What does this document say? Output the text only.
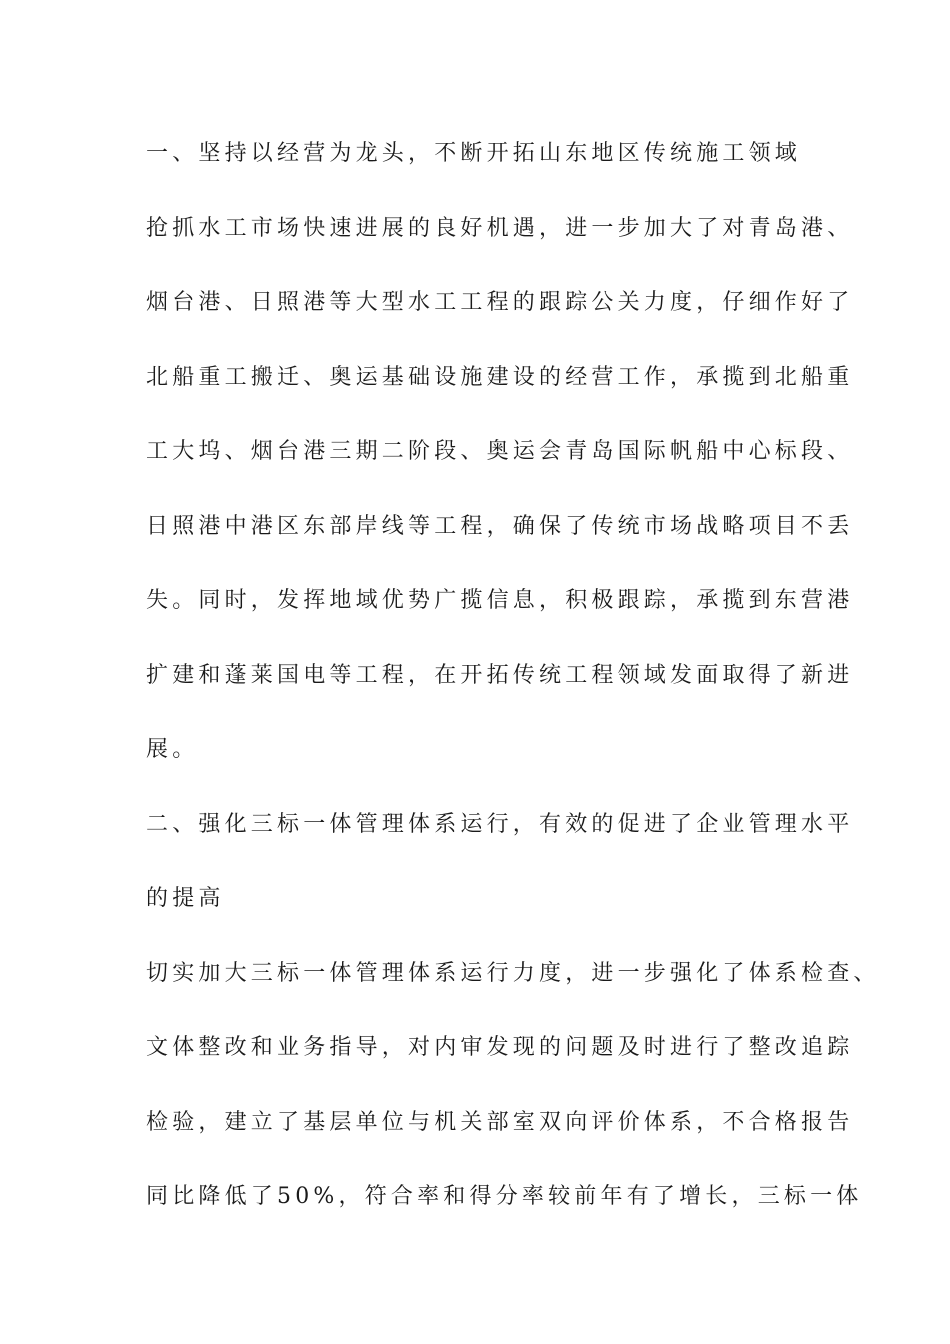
一、坚持以经营为龙头，不断开拓山东地区传统施工领域
抢抓水工市场快速进展的良好机遇，进一步加大了对青岛港、
烟台港、日照港等大型水工工程的跟踪公关力度，仔细作好了
北船重工搬迁、奥运基础设施建设的经营工作，承揽到北船重
工大坞、烟台港三期二阶段、奥运会青岛国际帆船中心标段、
日照港中港区东部岸线等工程，确保了传统市场战略项目不丢
失。同时，发挥地域优势广揽信息，积极跟踪，承揽到东营港
扩建和蓬莱国电等工程，在开拓传统工程领域发面取得了新进
展。
二、强化三标一体管理体系运行，有效的促进了企业管理水平
的提高
切实加大三标一体管理体系运行力度，进一步强化了体系检查、
文体整改和业务指导，对内审发现的问题及时进行了整改追踪
检验，建立了基层单位与机关部室双向评价体系，不合格报告
同比降低了50%，符合率和得分率较前年有了增长，三标一体
